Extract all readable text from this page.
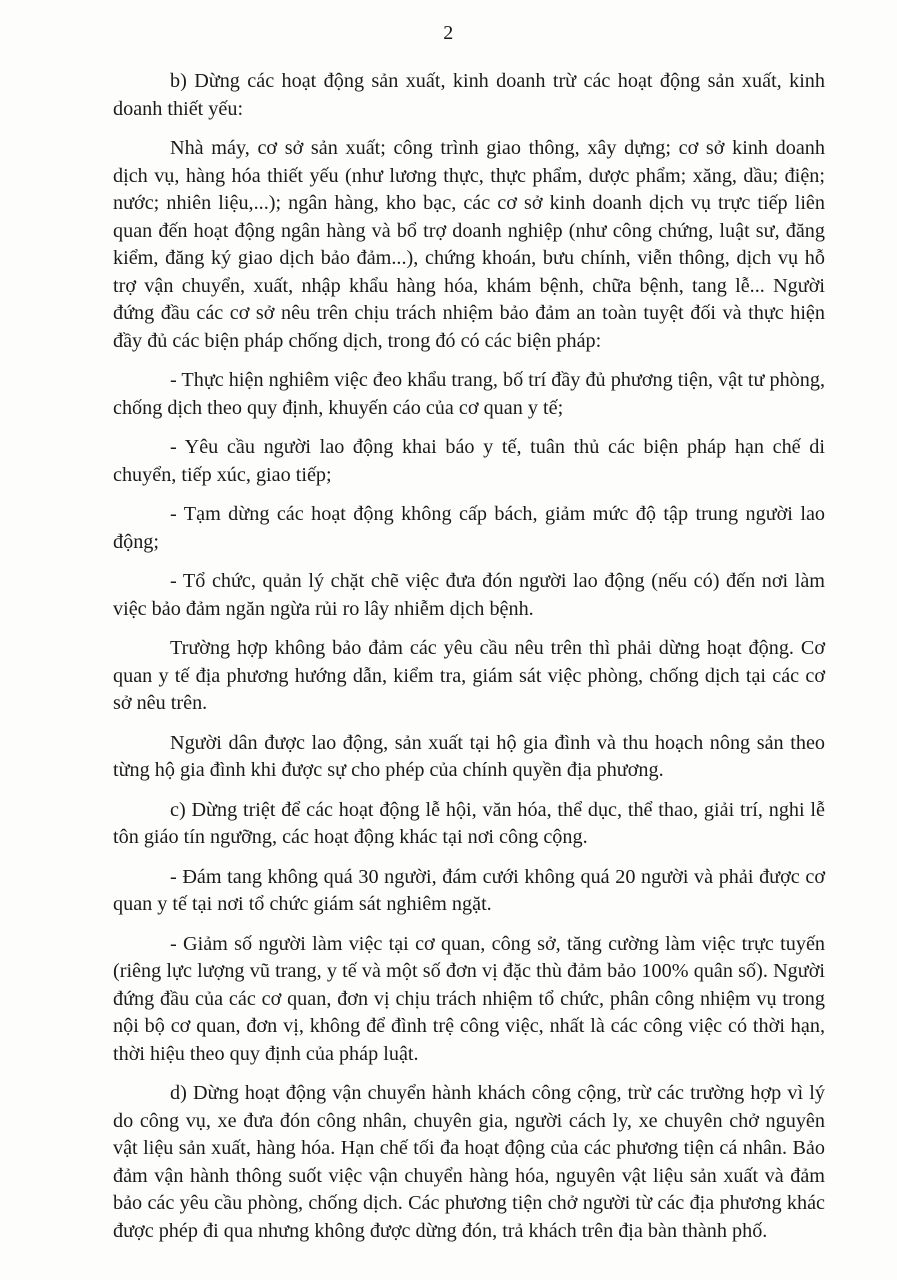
2

b) Dừng các hoạt động sản xuất, kinh doanh trừ các hoạt động sản xuất, kinh doanh thiết yếu:

Nhà máy, cơ sở sản xuất; công trình giao thông, xây dựng; cơ sở kinh doanh dịch vụ, hàng hóa thiết yếu (như lương thực, thực phẩm, dược phẩm; xăng, dầu; điện; nước; nhiên liệu,...); ngân hàng, kho bạc, các cơ sở kinh doanh dịch vụ trực tiếp liên quan đến hoạt động ngân hàng và bổ trợ doanh nghiệp (như công chứng, luật sư, đăng kiểm, đăng ký giao dịch bảo đảm...), chứng khoán, bưu chính, viễn thông, dịch vụ hỗ trợ vận chuyển, xuất, nhập khẩu hàng hóa, khám bệnh, chữa bệnh, tang lễ... Người đứng đầu các cơ sở nêu trên chịu trách nhiệm bảo đảm an toàn tuyệt đối và thực hiện đầy đủ các biện pháp chống dịch, trong đó có các biện pháp:

- Thực hiện nghiêm việc đeo khẩu trang, bố trí đầy đủ phương tiện, vật tư phòng, chống dịch theo quy định, khuyến cáo của cơ quan y tế;

- Yêu cầu người lao động khai báo y tế, tuân thủ các biện pháp hạn chế di chuyển, tiếp xúc, giao tiếp;

- Tạm dừng các hoạt động không cấp bách, giảm mức độ tập trung người lao động;

- Tổ chức, quản lý chặt chẽ việc đưa đón người lao động (nếu có) đến nơi làm việc bảo đảm ngăn ngừa rủi ro lây nhiễm dịch bệnh.

Trường hợp không bảo đảm các yêu cầu nêu trên thì phải dừng hoạt động. Cơ quan y tế địa phương hướng dẫn, kiểm tra, giám sát việc phòng, chống dịch tại các cơ sở nêu trên.

Người dân được lao động, sản xuất tại hộ gia đình và thu hoạch nông sản theo từng hộ gia đình khi được sự cho phép của chính quyền địa phương.

c) Dừng triệt để các hoạt động lễ hội, văn hóa, thể dục, thể thao, giải trí, nghi lễ tôn giáo tín ngưỡng, các hoạt động khác tại nơi công cộng.

- Đám tang không quá 30 người, đám cưới không quá 20 người và phải được cơ quan y tế tại nơi tổ chức giám sát nghiêm ngặt.

- Giảm số người làm việc tại cơ quan, công sở, tăng cường làm việc trực tuyến (riêng lực lượng vũ trang, y tế và một số đơn vị đặc thù đảm bảo 100% quân số). Người đứng đầu của các cơ quan, đơn vị chịu trách nhiệm tổ chức, phân công nhiệm vụ trong nội bộ cơ quan, đơn vị, không để đình trệ công việc, nhất là các công việc có thời hạn, thời hiệu theo quy định của pháp luật.

d) Dừng hoạt động vận chuyển hành khách công cộng, trừ các trường hợp vì lý do công vụ, xe đưa đón công nhân, chuyên gia, người cách ly, xe chuyên chở nguyên vật liệu sản xuất, hàng hóa. Hạn chế tối đa hoạt động của các phương tiện cá nhân. Bảo đảm vận hành thông suốt việc vận chuyển hàng hóa, nguyên vật liệu sản xuất và đảm bảo các yêu cầu phòng, chống dịch. Các phương tiện chở người từ các địa phương khác được phép đi qua nhưng không được dừng đón, trả khách trên địa bàn thành phố.
